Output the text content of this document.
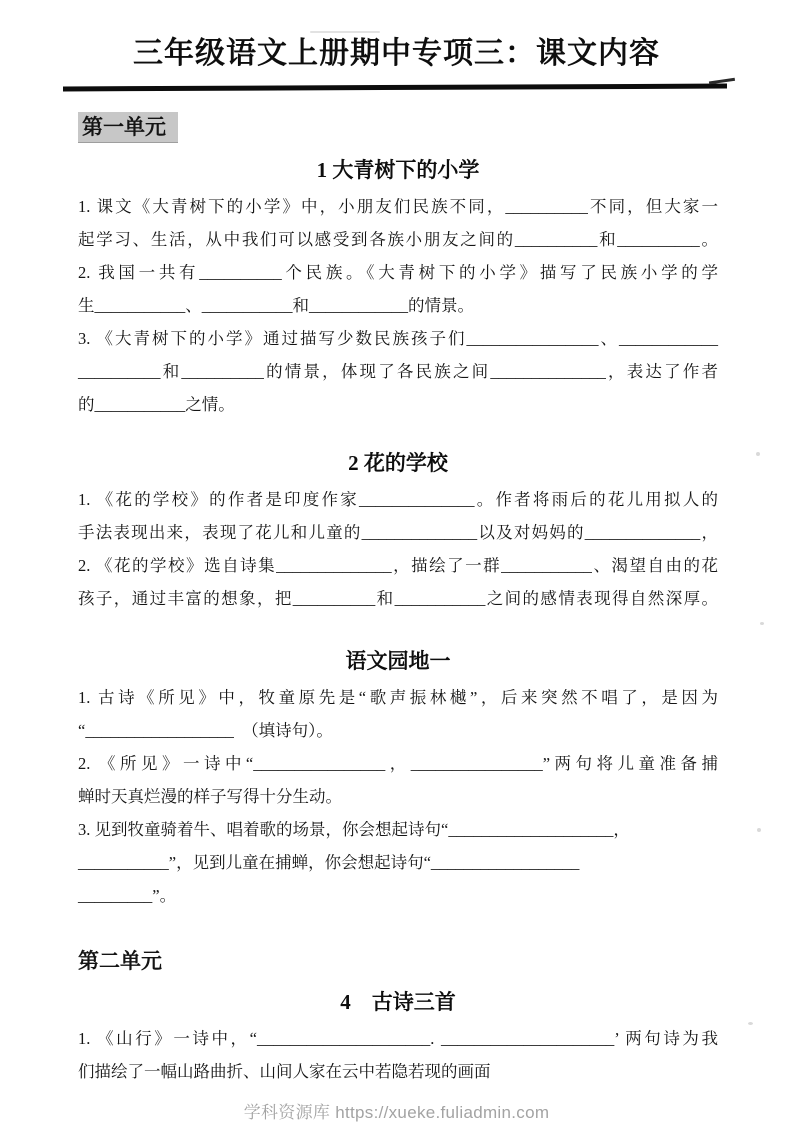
三年级语文上册期中专项三：课文内容
第一单元
1 大青树下的小学
1. 课文《大青树下的小学》中，小朋友们民族不同，__________不同，但大家一
起学习、生活，从中我们可以感受到各族小朋友之间的__________和__________。
2. 我国一共有__________个民族。《大青树下的小学》描写了民族小学的学
生___________、___________和____________的情景。
3. 《大青树下的小学》通过描写少数民族孩子们________________、____________
__________和__________的情景，体现了各民族之间______________，表达了作者
的___________之情。
2 花的学校
1. 《花的学校》的作者是印度作家______________。作者将雨后的花儿用拟人的
手法表现出来，表现了花儿和儿童的______________以及对妈妈的______________，
2. 《花的学校》选自诗集______________，描绘了一群___________、渴望自由的花
孩子，通过丰富的想象，把__________和___________之间的感情表现得自然深厚。
语文园地一
1. 古诗《所见》中，牧童原先是“歌声振林樾”，后来突然不唱了，是因为
“__________________　（填诗句）。
2. 《所见》一诗中“________________，________________”两句将儿童准备捕
蝉时天真烂漫的样子写得十分生动。
3. 见到牧童骑着牛、唱着歌的场景，你会想起诗句“____________________，
___________”，见到儿童在捕蝉，你会想起诗句“__________________
_________”。
第二单元
4　古诗三首
1. 《山行》一诗中，“_____________________. _____________________’ 两句诗为我
们描绘了一幅山路曲折、山间人家在云中若隐若现的画面
学科资源库 https://xueke.fuliadmin.com
